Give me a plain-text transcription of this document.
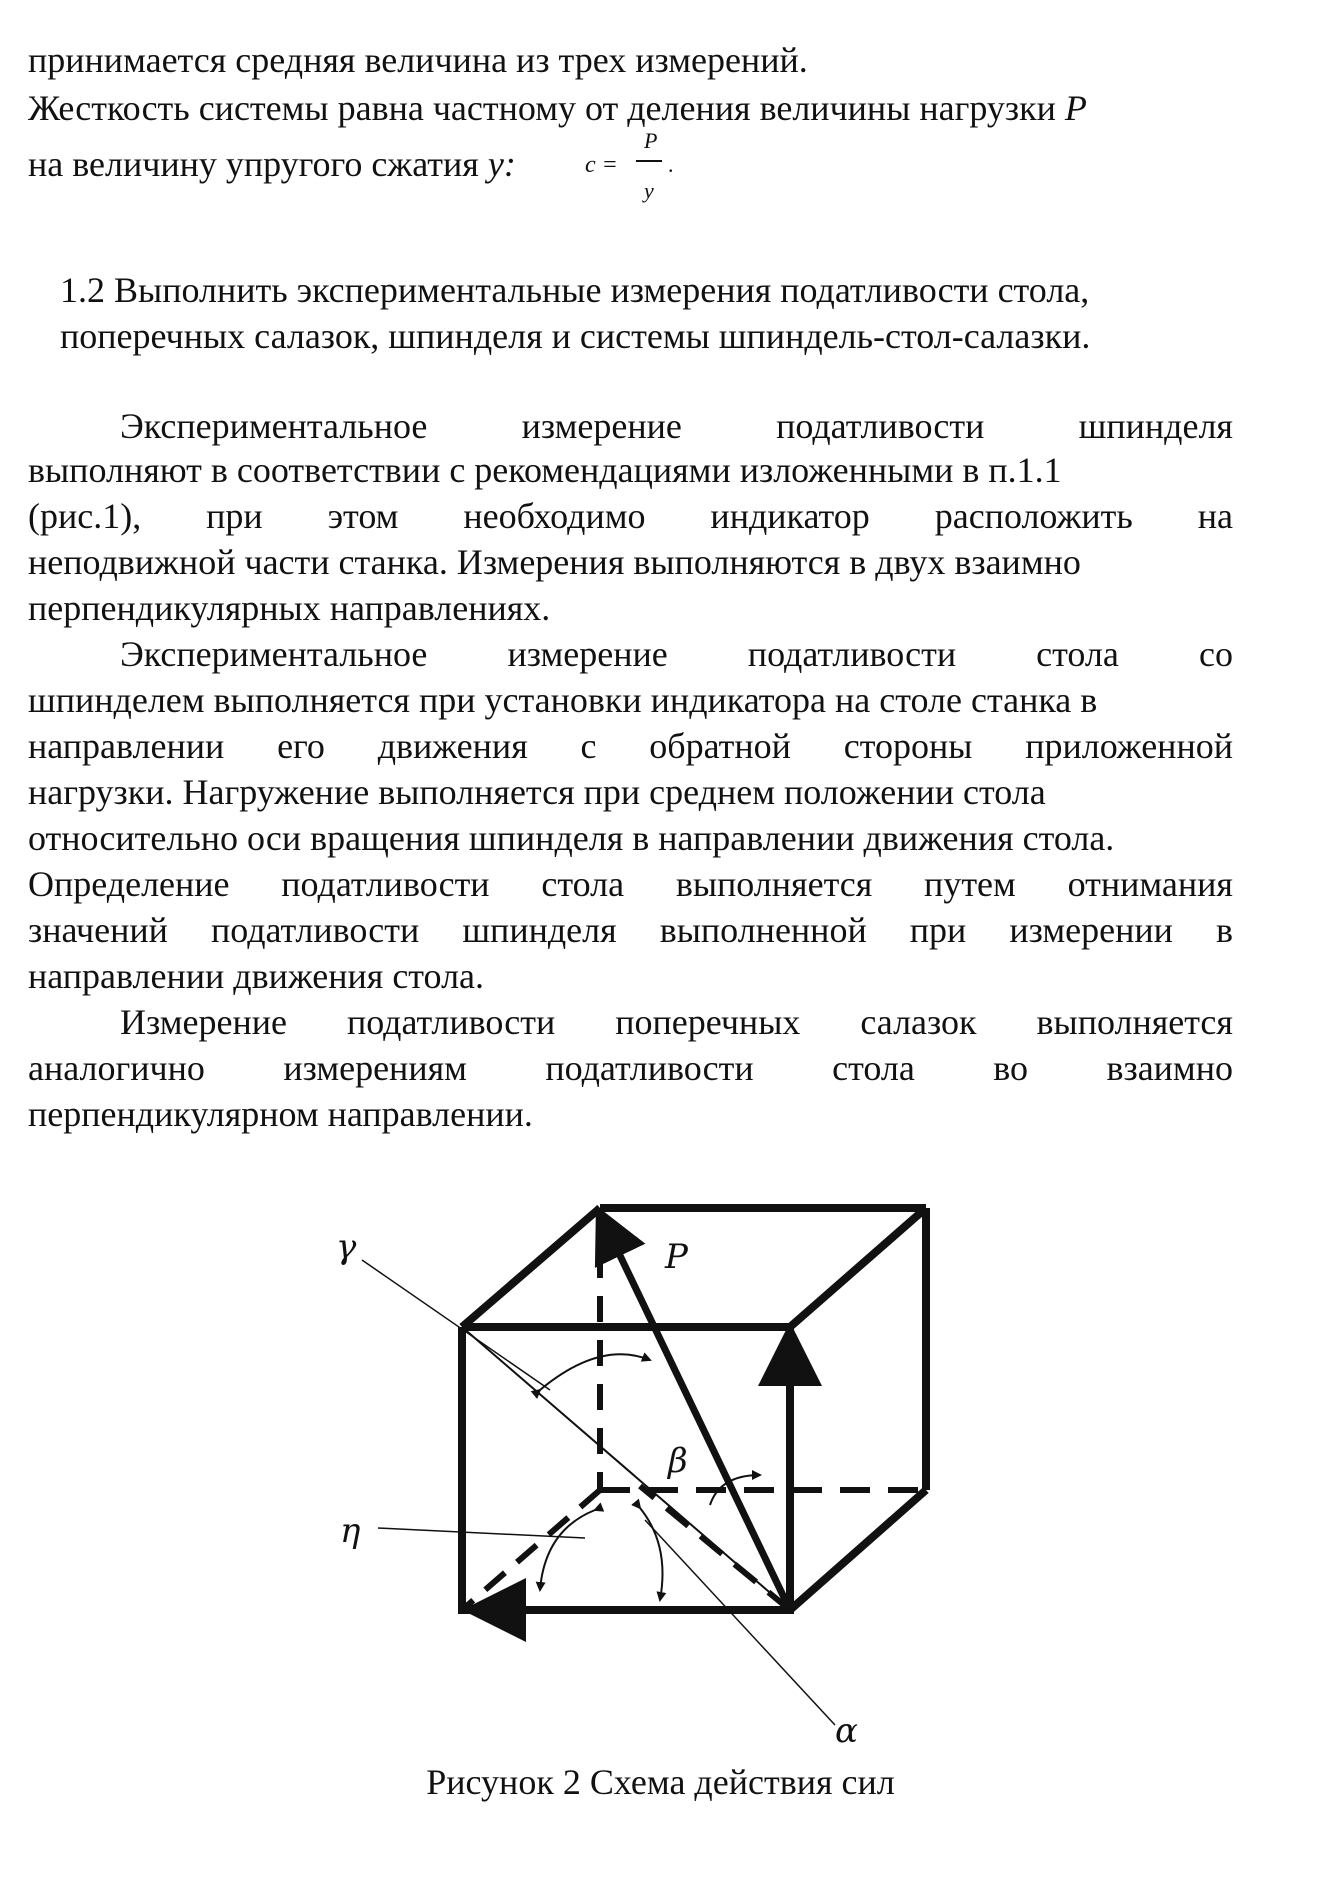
принимается средняя величина из трех измерений.
Жесткость системы равна частному от деления величины нагрузки P
на величину упругого сжатия y:	c =
P
y
.
1.2 Выполнить экспериментальные измерения податливости стола,
поперечных салазок, шпинделя и системы шпиндель-стол-салазки.
Экспериментальное	измерение	податливости	шпинделя
выполняют в соответствии с рекомендациями изложенными в п.1.1
(рис.1), при этом необходимо индикатор расположить на
неподвижной части станка. Измерения выполняются в двух взаимно
перпендикулярных направлениях.
Экспериментальное измерение податливости стола со
шпинделем выполняется при установки индикатора на столе станка в
направлении его движения с обратной стороны приложенной
нагрузки. Нагружение выполняется при среднем положении стола
относительно оси вращения шпинделя в направлении движения стола.
Определение податливости стола выполняется путем отнимания
значений податливости шпинделя выполненной при измерении в
направлении движения стола.
Измерение податливости поперечных салазок выполняется
аналогично измерениям податливости стола во взаимно
перпендикулярном направлении.
γ	P
β
η
α
Рисунок 2 Схема действия сил
